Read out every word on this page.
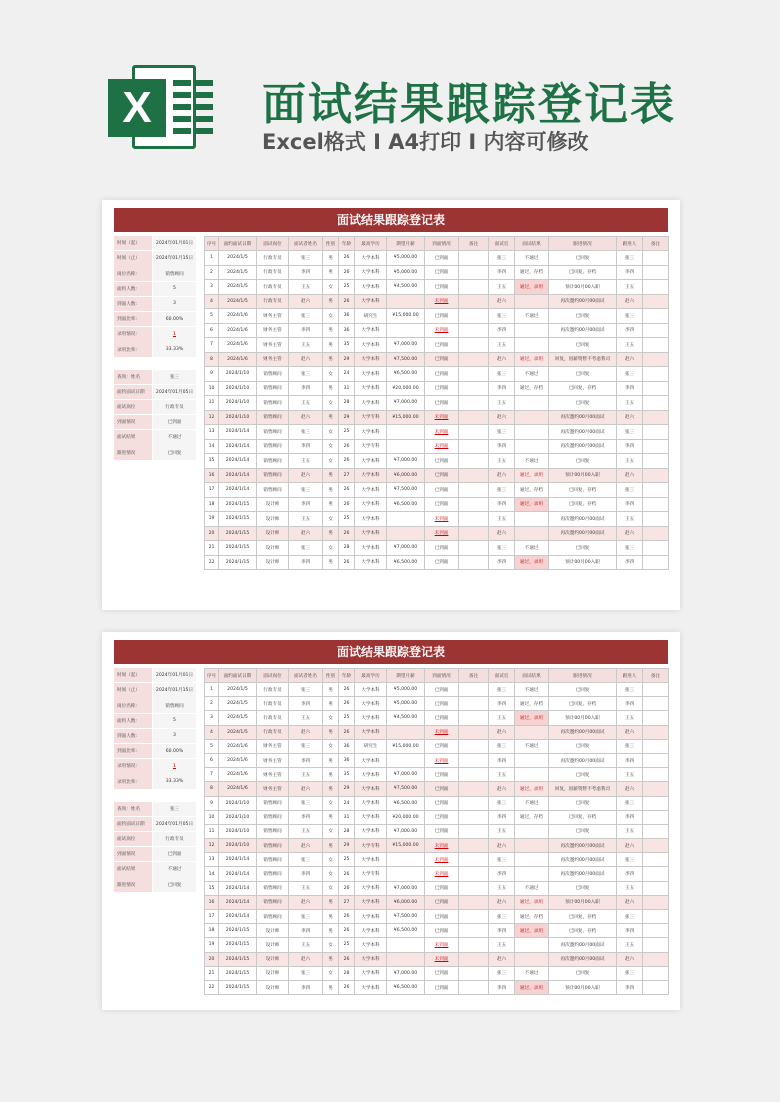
X	面试结果跟踪登记表
Excel格式 I A4打印 I 内容可修改
面试结果跟踪登记表
时间（起）	2024年01月01日
时间（止）	2024年01月15日
岗位名称:	销售顾问
面约人数:	5
到面人数:	3
到面比率:	60.00%
录用情况:	1
录用比率:	33.33%
查询：姓名	张三
面约面试日期	2024年01月05日
面试岗位	行政专员
到面情况	已到面
面试结果	不通过
跟进情况	已回复
序号	面约面试日期	面试岗位	面试者姓名	性别	年龄	最高学历	期望月薪	到面情况	备注	面试官	面试结果	跟进情况	跟进人	备注
1	2024/1/5	行政专员	张三	男	26	大学本科	¥5,000.00	已到面		张三	不通过	已回复	张三	
2	2024/1/5	行政专员	李四	男	26	大学本科	¥5,000.00	已到面		李四	通过，存档	已回复，存档	李四	
3	2024/1/5	行政专员	王五	女	25	大学本科	¥4,500.00	已到面		王五	通过，录用	预计00月00入职	王五	
4	2024/1/5	行政专员	赵六	男	26	大学本科		未到面		赵六		再次邀约00月00面试	赵六	
5	2024/1/6	财务主管	张三	女	36	研究生	¥15,000.00	已到面		张三	不通过	已回复	张三	
6	2024/1/6	财务主管	李四	男	36	大学本科		未到面		李四		再次邀约00月00面试	李四	
7	2024/1/6	财务主管	王五	男	35	大学本科	¥7,000.00	已到面		王五		已回复	王五	
8	2024/1/6	财务主管	赵六	男	29	大学本科	¥7,500.00	已到面		赵六	通过，录用	回复，因薪资暂不考虑我司	赵六	
9	2024/1/10	销售顾问	张三	女	24	大学本科	¥6,500.00	已到面		张三	不通过	已回复	张三	
10	2024/1/10	销售顾问	李四	男	31	大学本科	¥20,000.00	已到面		李四	通过，存档	已回复，存档	李四	
11	2024/1/10	销售顾问	王五	女	28	大学本科	¥7,000.00	已到面		王五		已回复	王五	
12	2024/1/10	销售顾问	赵六	男	29	大学专科	¥15,000.00	未到面		赵六		再次邀约00月00面试	赵六	
13	2024/1/14	销售顾问	张三	女	25	大学本科		未到面		张三		再次邀约00月00面试	张三	
14	2024/1/14	销售顾问	李四	女	26	大学专科		未到面		李四		再次邀约00月00面试	李四	
15	2024/1/14	销售顾问	王五	女	26	大学本科	¥7,000.00	已到面		王五	不通过	已回复	王五	
16	2024/1/14	销售顾问	赵六	男	27	大学本科	¥6,000.00	已到面		赵六	通过，录用	预计00月00入职	赵六	
17	2024/1/14	销售顾问	张三	男	26	大学本科	¥7,500.00	已到面		张三	通过，存档	已回复，存档	张三	
18	2024/1/15	设计师	李四	男	26	大学本科	¥6,500.00	已到面		李四	通过，录用	已回复，存档	李四	
19	2024/1/15	设计师	王五	女	25	大学本科		未到面		王五		再次邀约00月00面试	王五	
20	2024/1/15	设计师	赵六	男	26	大学本科		未到面		赵六		再次邀约00月00面试	赵六	
21	2024/1/15	设计师	张三	女	28	大学本科	¥7,000.00	已到面		张三	不通过	已回复	张三	
22	2024/1/15	设计师	李四	男	26	大学本科	¥6,500.00	已到面		李四	通过，录用	预计00月00入职	李四	
面试结果跟踪登记表
时间（起）	2024年01月01日
时间（止）	2024年01月15日
岗位名称:	销售顾问
面约人数:	5
到面人数:	3
到面比率:	60.00%
录用情况:	1
录用比率:	33.33%
查询：姓名	张三
面约面试日期	2024年01月05日
面试岗位	行政专员
到面情况	已到面
面试结果	不通过
跟进情况	已回复
序号	面约面试日期	面试岗位	面试者姓名	性别	年龄	最高学历	期望月薪	到面情况	备注	面试官	面试结果	跟进情况	跟进人	备注
1	2024/1/5	行政专员	张三	男	26	大学本科	¥5,000.00	已到面		张三	不通过	已回复	张三	
2	2024/1/5	行政专员	李四	男	26	大学本科	¥5,000.00	已到面		李四	通过，存档	已回复，存档	李四	
3	2024/1/5	行政专员	王五	女	25	大学本科	¥4,500.00	已到面		王五	通过，录用	预计00月00入职	王五	
4	2024/1/5	行政专员	赵六	男	26	大学本科		未到面		赵六		再次邀约00月00面试	赵六	
5	2024/1/6	财务主管	张三	女	36	研究生	¥15,000.00	已到面		张三	不通过	已回复	张三	
6	2024/1/6	财务主管	李四	男	36	大学本科		未到面		李四		再次邀约00月00面试	李四	
7	2024/1/6	财务主管	王五	男	35	大学本科	¥7,000.00	已到面		王五		已回复	王五	
8	2024/1/6	财务主管	赵六	男	29	大学本科	¥7,500.00	已到面		赵六	通过，录用	回复，因薪资暂不考虑我司	赵六	
9	2024/1/10	销售顾问	张三	女	24	大学本科	¥6,500.00	已到面		张三	不通过	已回复	张三	
10	2024/1/10	销售顾问	李四	男	31	大学本科	¥20,000.00	已到面		李四	通过，存档	已回复，存档	李四	
11	2024/1/10	销售顾问	王五	女	28	大学本科	¥7,000.00	已到面		王五		已回复	王五	
12	2024/1/10	销售顾问	赵六	男	29	大学专科	¥15,000.00	未到面		赵六		再次邀约00月00面试	赵六	
13	2024/1/14	销售顾问	张三	女	25	大学本科		未到面		张三		再次邀约00月00面试	张三	
14	2024/1/14	销售顾问	李四	女	26	大学专科		未到面		李四		再次邀约00月00面试	李四	
15	2024/1/14	销售顾问	王五	女	26	大学本科	¥7,000.00	已到面		王五	不通过	已回复	王五	
16	2024/1/14	销售顾问	赵六	男	27	大学本科	¥6,000.00	已到面		赵六	通过，录用	预计00月00入职	赵六	
17	2024/1/14	销售顾问	张三	男	26	大学本科	¥7,500.00	已到面		张三	通过，存档	已回复，存档	张三	
18	2024/1/15	设计师	李四	男	26	大学本科	¥6,500.00	已到面		李四	通过，录用	已回复，存档	李四	
19	2024/1/15	设计师	王五	女	25	大学本科		未到面		王五		再次邀约00月00面试	王五	
20	2024/1/15	设计师	赵六	男	26	大学本科		未到面		赵六		再次邀约00月00面试	赵六	
21	2024/1/15	设计师	张三	女	28	大学本科	¥7,000.00	已到面		张三	不通过	已回复	张三	
22	2024/1/15	设计师	李四	男	26	大学本科	¥6,500.00	已到面		李四	通过，录用	预计00月00入职	李四	
